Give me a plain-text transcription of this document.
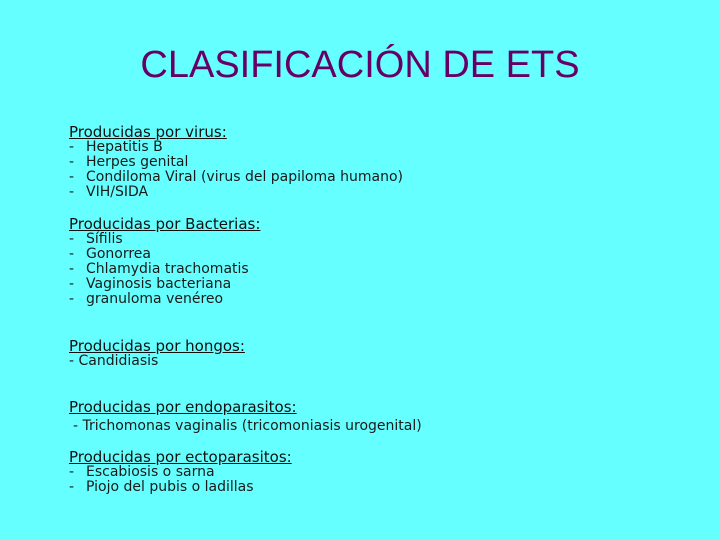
CLASIFICACIÓN DE ETS

Producidas por virus:

- Hepatitis B
- Herpes genital
- Condiloma Viral (virus del papiloma humano)
- VIH/SIDA

Producidas por Bacterias:

- Sífilis
- Gonorrea
- Chlamydia trachomatis
- Vaginosis bacteriana
- granuloma venéreo

Producidas por hongos:

- Candidiasis

Producidas por endoparasitos:

- Trichomonas vaginalis (tricomoniasis urogenital)

Producidas por ectoparasitos:

- Escabiosis o sarna
- Piojo del pubis o ladillas
